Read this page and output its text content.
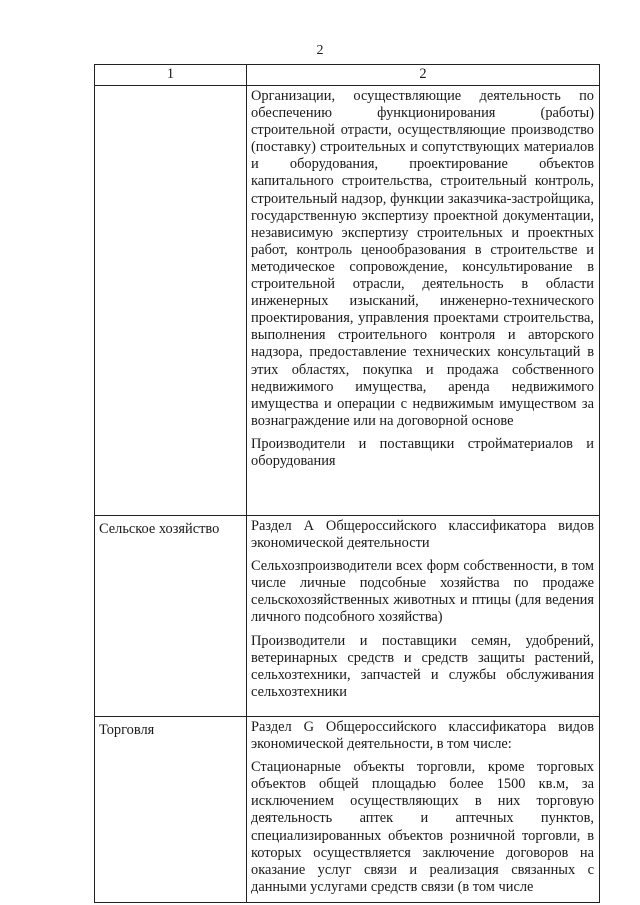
2
1	2

	Организации, осуществляющие деятельность по обеспечению функционирования (работы) строительной отрасти, осуществляющие производство (поставку) строительных и сопутствующих материалов и оборудования, проектирование объектов капитального строительства, строительный контроль, строительный надзор, функции заказчика-застройщика, государственную экспертизу проектной документации, независимую экспертизу строительных и проектных работ, контроль ценообразования в строительстве и методическое сопровождение, консультирование в строительной отрасли, деятельность в области инженерных изысканий, инженерно-технического проектирования, управления проектами строительства, выполнения строительного контроля и авторского надзора, предоставление технических консультаций в этих областях, покупка и продажа собственного недвижимого имущества, аренда недвижимого имущества и операции с недвижимым имуществом за вознаграждение или на договорной основе

Производители и поставщики стройматериалов и оборудования

Сельское хозяйство	Раздел А Общероссийского классификатора видов экономической деятельности

Сельхозпроизводители всех форм собственности, в том числе личные подсобные хозяйства по продаже сельскохозяйственных животных и птицы (для ведения личного подсобного хозяйства)

Производители и поставщики семян, удобрений, ветеринарных средств и средств защиты растений, сельхозтехники, запчастей и службы обслуживания сельхозтехники

Торговля	Раздел G Общероссийского классификатора видов экономической деятельности, в том числе:

Стационарные объекты торговли, кроме торговых объектов общей площадью более 1500 кв.м, за исключением осуществляющих в них торговую деятельность аптек и аптечных пунктов, специализированных объектов розничной торговли, в которых осуществляется заключение договоров на оказание услуг связи и реализация связанных с данными услугами средств связи (в том числе
